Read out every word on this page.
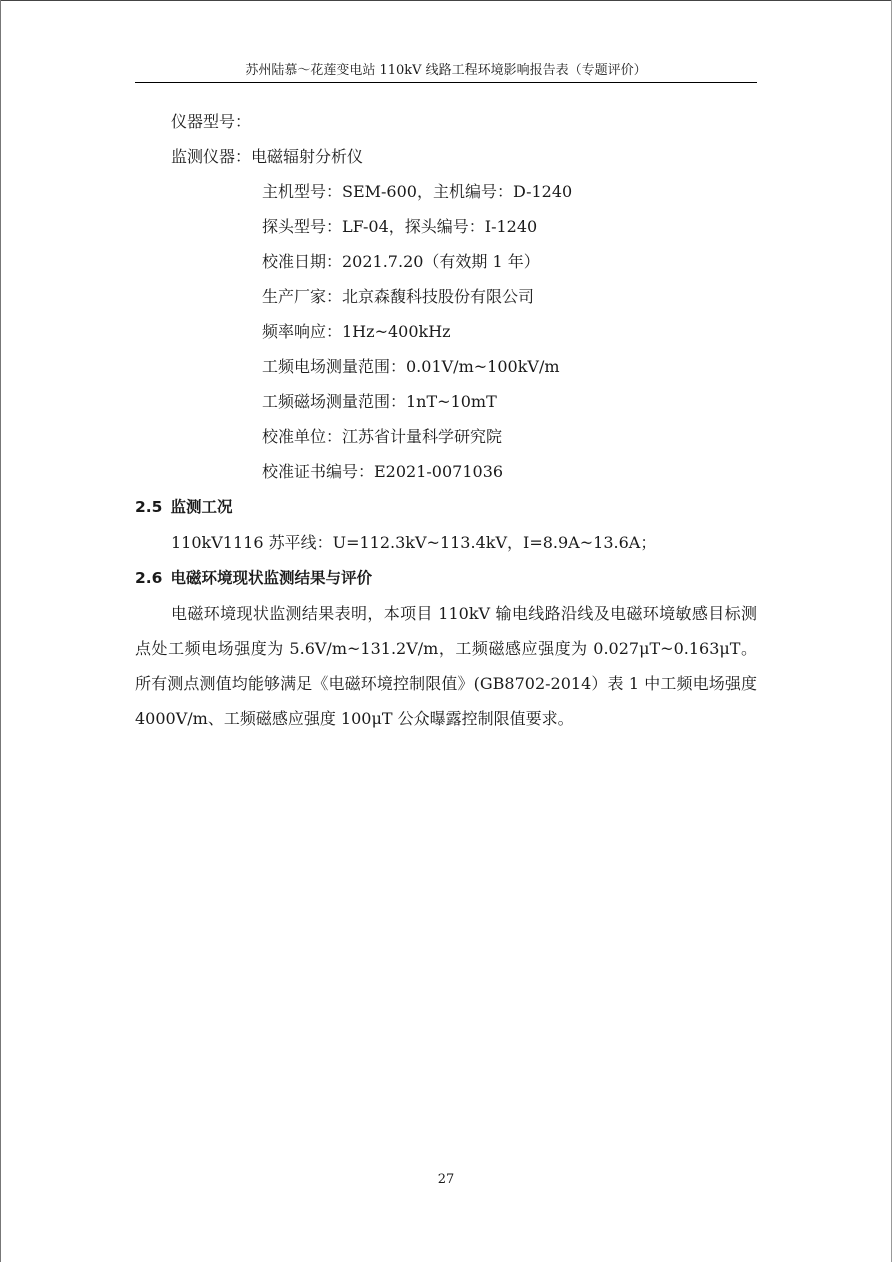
苏州陆慕～花莲变电站 110kV 线路工程环境影响报告表（专题评价）
仪器型号：
监测仪器：电磁辐射分析仪
主机型号：SEM-600，主机编号：D-1240
探头型号：LF-04，探头编号：I-1240
校准日期：2021.7.20（有效期 1 年）
生产厂家：北京森馥科技股份有限公司
频率响应：1Hz~400kHz
工频电场测量范围：0.01V/m~100kV/m
工频磁场测量范围：1nT~10mT
校准单位：江苏省计量科学研究院
校准证书编号：E2021-0071036
2.5 监测工况
110kV1116 苏平线：U=112.3kV~113.4kV，I=8.9A~13.6A；
2.6 电磁环境现状监测结果与评价
电磁环境现状监测结果表明，本项目 110kV 输电线路沿线及电磁环境敏感目标测点处工频电场强度为 5.6V/m~131.2V/m，工频磁感应强度为 0.027μT~0.163μT。所有测点测值均能够满足《电磁环境控制限值》(GB8702-2014）表 1 中工频电场强度 4000V/m、工频磁感应强度 100μT 公众曝露控制限值要求。
27
